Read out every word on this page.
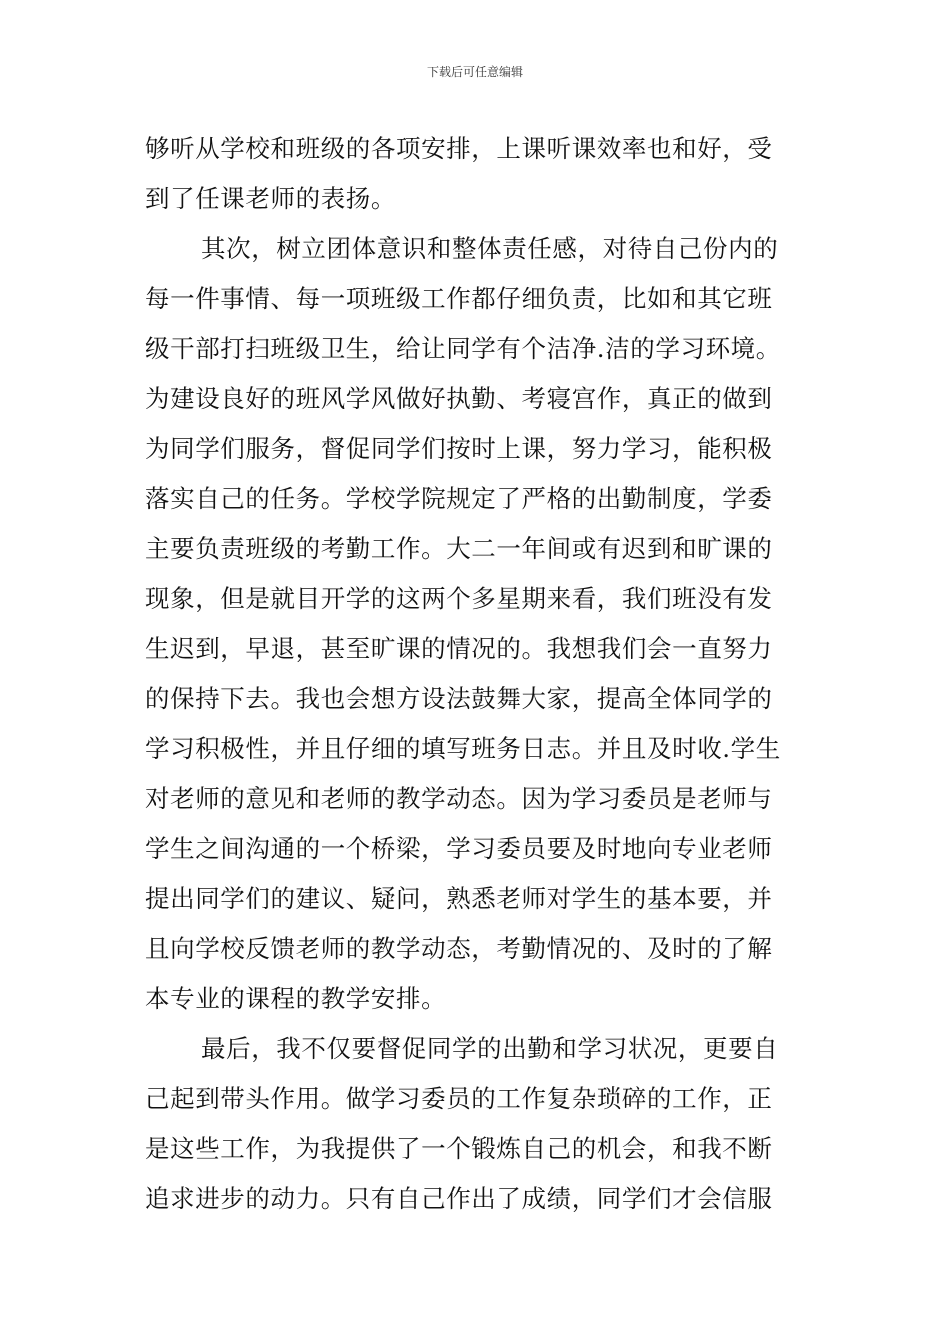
下载后可任意编辑
够听从学校和班级的各项安排，上课听课效率也和好，受
到了任课老师的表扬。
其次，树立团体意识和整体责任感，对待自己份内的
每一件事情、每一项班级工作都仔细负责，比如和其它班
级干部打扫班级卫生，给让同学有个洁净.洁的学习环境。
为建设良好的班风学风做好执勤、考寝宫作，真正的做到
为同学们服务，督促同学们按时上课，努力学习，能积极
落实自己的任务。学校学院规定了严格的出勤制度，学委
主要负责班级的考勤工作。大二一年间或有迟到和旷课的
现象，但是就目开学的这两个多星期来看，我们班没有发
生迟到，早退，甚至旷课的情况的。我想我们会一直努力
的保持下去。我也会想方设法鼓舞大家，提高全体同学的
学习积极性，并且仔细的填写班务日志。并且及时收.学生
对老师的意见和老师的教学动态。因为学习委员是老师与
学生之间沟通的一个桥梁，学习委员要及时地向专业老师
提出同学们的建议、疑问，熟悉老师对学生的基本要，并
且向学校反馈老师的教学动态，考勤情况的、及时的了解
本专业的课程的教学安排。
最后，我不仅要督促同学的出勤和学习状况，更要自
己起到带头作用。做学习委员的工作复杂琐碎的工作，正
是这些工作，为我提供了一个锻炼自己的机会，和我不断
追求进步的动力。只有自己作出了成绩，同学们才会信服
